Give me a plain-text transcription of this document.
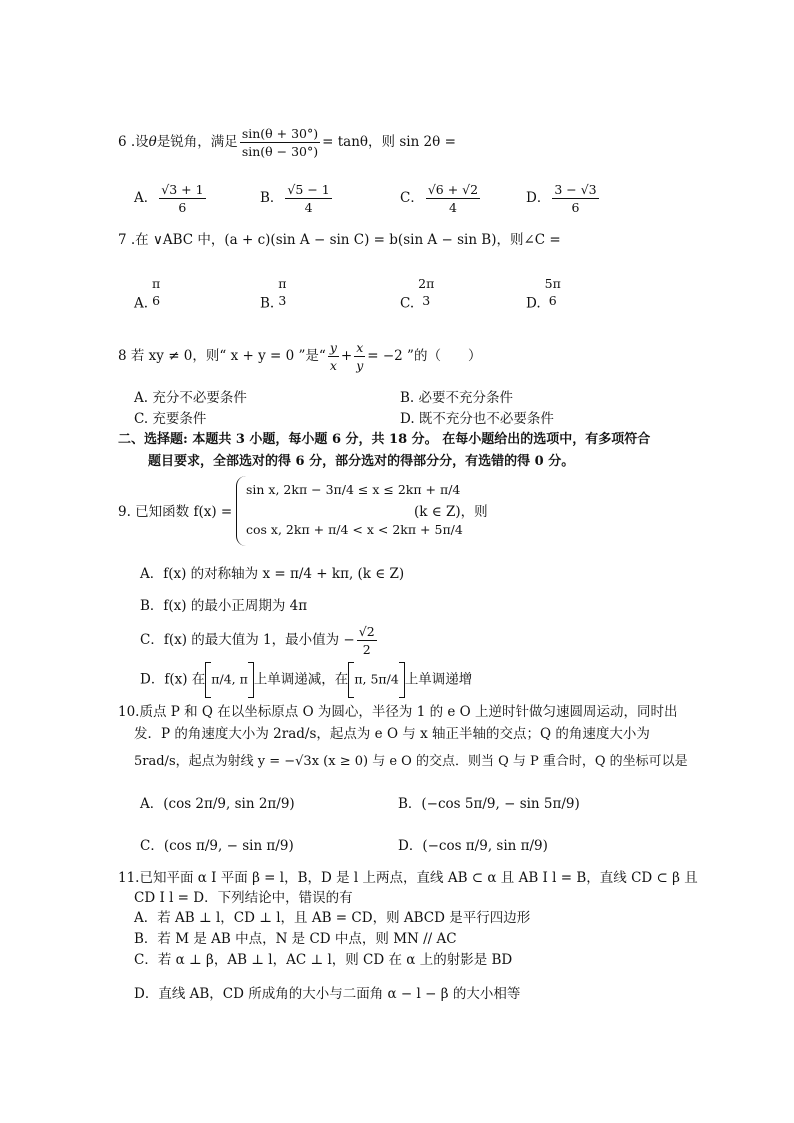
6 .设θ是锐角，满足 $\frac{\sin(\theta + 30^\circ)}{\sin(\theta - 30^\circ)} = \tan\theta$，则 sin 2θ =
A． $\frac{√3 + 1}{6}$	B． $\frac{√5 - 1}{4}$	C． $\frac{√6 + √2}{4}$	D． $\frac{3 - √3}{6}$
7 .在 ∨ABC 中，(a + c)(sin A − sin C) = b(sin A − sin B)，则∠C =
A.
π
6	B.
π
3	C.
2π
3	D.
5π
6
8 若 xy ≠ 0，则“ x + y = 0 ”是“ $\frac{y}{x} + \frac{x}{y} = -2$ ”的（　　）
A. 充分不必要条件	B. 必要不充分条件
C. 充要条件	D. 既不充分也不必要条件
二、选择题: 本题共 3 小题，每小题 6 分，共 18 分。 在每小题给出的选项中，有多项符合
题目要求，全部选对的得 6 分，部分选对的得部分分，有选错的得 0 分。
9. 已知函数 f(x) =
sin x, 2kπ − 3π/4 ≤ x ≤ 2kπ + π/4
cos x, 2kπ + π/4 < x < 2kπ + 5π/4
(k ∈ Z)，则
A．f(x) 的对称轴为 x = π/4 + kπ, (k ∈ Z)
B．f(x) 的最小正周期为 4π
C．f(x) 的最大值为 1，最小值为 − $\frac{√2}{2}$
D．f(x) 在 π/4, π 上单调递减，在 π, 5π/4 上单调递增
10.质点 P 和 Q 在以坐标原点 O 为圆心，半径为 1 的 e O 上逆时针做匀速圆周运动，同时出
发．P 的角速度大小为 2rad/s，起点为 e O 与 x 轴正半轴的交点；Q 的角速度大小为
5rad/s，起点为射线 y = −√3x (x ≥ 0) 与 e O 的交点．则当 Q 与 P 重合时，Q 的坐标可以是
A．(cos 2π/9, sin 2π/9)	B．(−cos 5π/9, − sin 5π/9)
C．(cos π/9, − sin π/9)	D．(−cos π/9, sin π/9)
11.已知平面 α I 平面 β = l，B，D 是 l 上两点，直线 AB ⊂ α 且 AB I l = B，直线 CD ⊂ β 且
CD I l = D．下列结论中，错误的有
A．若 AB ⊥ l，CD ⊥ l，且 AB = CD，则 ABCD 是平行四边形
B．若 M 是 AB 中点，N 是 CD 中点，则 MN // AC
C．若 α ⊥ β，AB ⊥ l，AC ⊥ l，则 CD 在 α 上的射影是 BD
D．直线 AB，CD 所成角的大小与二面角 α − l − β 的大小相等
